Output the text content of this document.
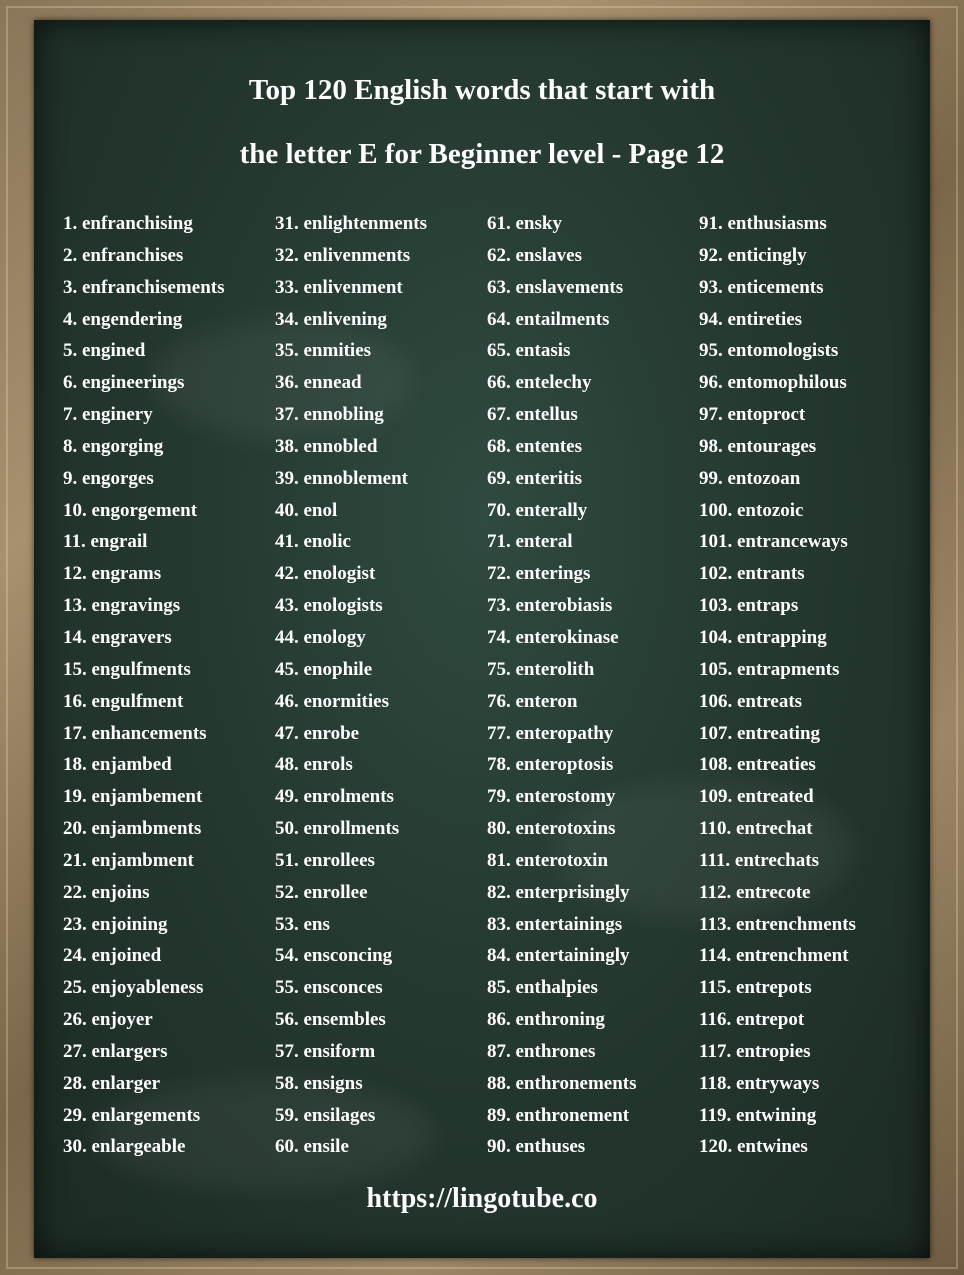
Top 120 English words that start with
the letter E for Beginner level - Page 12
1. enfranchising
2. enfranchises
3. enfranchisements
4. engendering
5. engined
6. engineerings
7. enginery
8. engorging
9. engorges
10. engorgement
11. engrail
12. engrams
13. engravings
14. engravers
15. engulfments
16. engulfment
17. enhancements
18. enjambed
19. enjambement
20. enjambments
21. enjambment
22. enjoins
23. enjoining
24. enjoined
25. enjoyableness
26. enjoyer
27. enlargers
28. enlarger
29. enlargements
30. enlargeable
31. enlightenments
32. enlivenments
33. enlivenment
34. enlivening
35. enmities
36. ennead
37. ennobling
38. ennobled
39. ennoblement
40. enol
41. enolic
42. enologist
43. enologists
44. enology
45. enophile
46. enormities
47. enrobe
48. enrols
49. enrolments
50. enrollments
51. enrollees
52. enrollee
53. ens
54. ensconcing
55. ensconces
56. ensembles
57. ensiform
58. ensigns
59. ensilages
60. ensile
61. ensky
62. enslaves
63. enslavements
64. entailments
65. entasis
66. entelechy
67. entellus
68. ententes
69. enteritis
70. enterally
71. enteral
72. enterings
73. enterobiasis
74. enterokinase
75. enterolith
76. enteron
77. enteropathy
78. enteroptosis
79. enterostomy
80. enterotoxins
81. enterotoxin
82. enterprisingly
83. entertainings
84. entertainingly
85. enthalpies
86. enthroning
87. enthrones
88. enthronements
89. enthronement
90. enthuses
91. enthusiasms
92. enticingly
93. enticements
94. entireties
95. entomologists
96. entomophilous
97. entoproct
98. entourages
99. entozoan
100. entozoic
101. entranceways
102. entrants
103. entraps
104. entrapping
105. entrapments
106. entreats
107. entreating
108. entreaties
109. entreated
110. entrechat
111. entrechats
112. entrecote
113. entrenchments
114. entrenchment
115. entrepots
116. entrepot
117. entropies
118. entryways
119. entwining
120. entwines
https://lingotube.co
